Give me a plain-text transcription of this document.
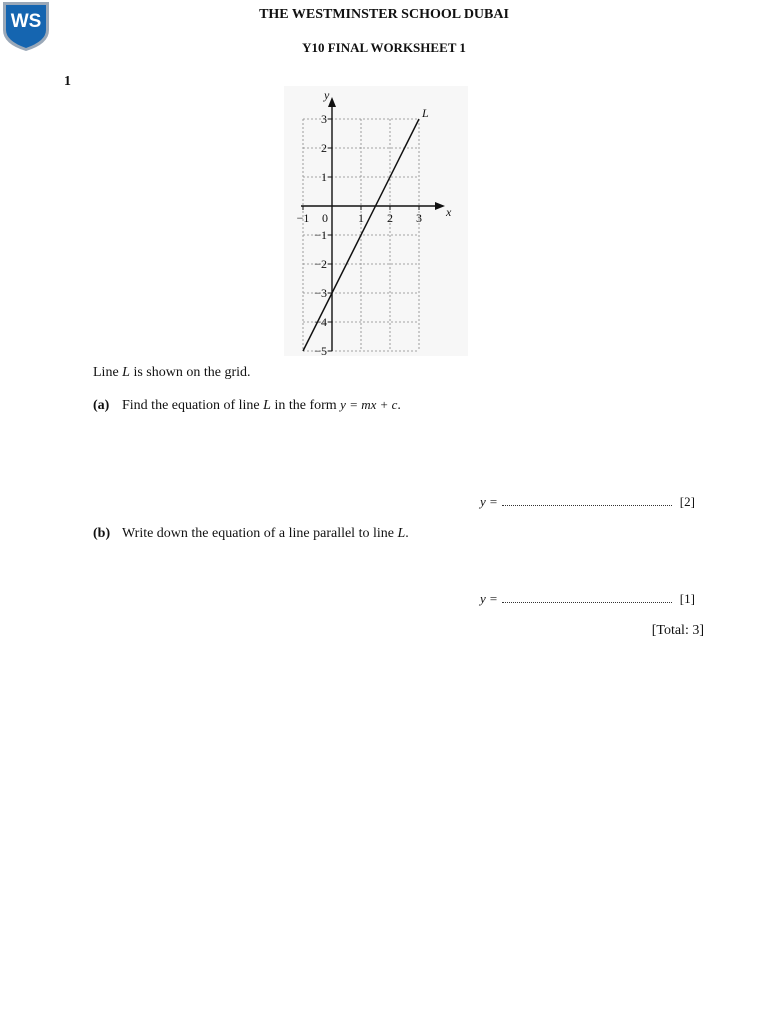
WS	THE WESTMINSTER SCHOOL DUBAI
Y10 FINAL WORKSHEET 1
1
−1 0	1 2 3
3
2
1
−1
−2
−3
−4
−5
x
y
L
Line L is shown on the grid.
(a) Find the equation of line L in the form y = mx + c.
y =	[2]
(b) Write down the equation of a line parallel to line L.
y =	[1]
[Total: 3]
